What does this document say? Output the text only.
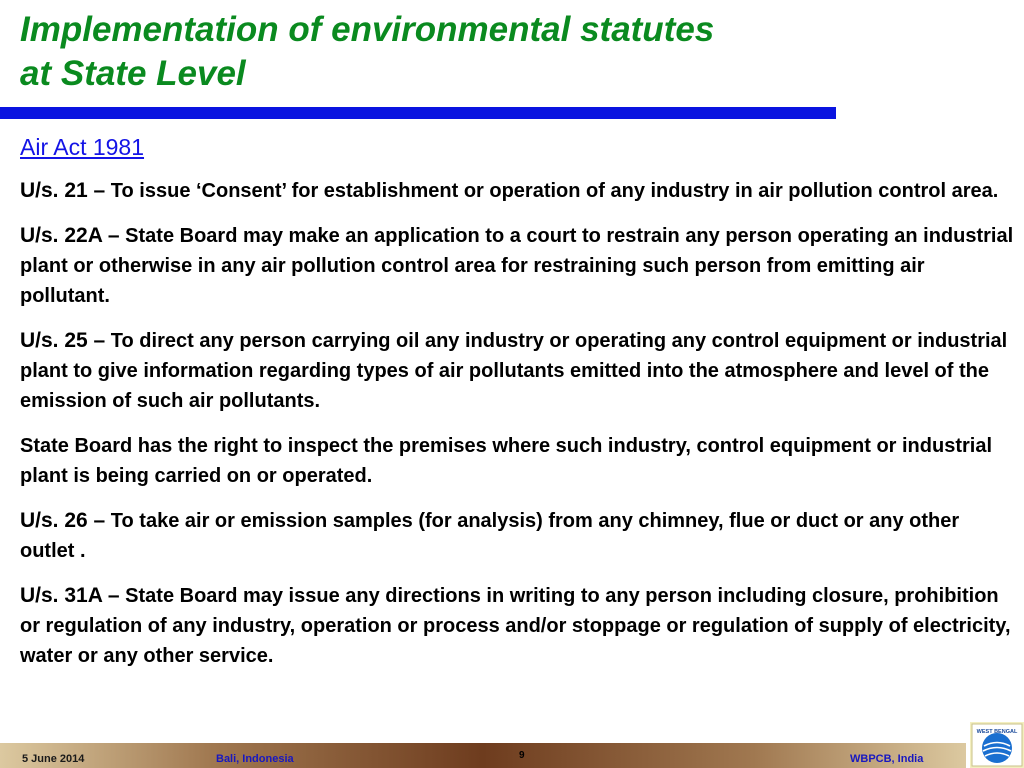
Implementation of environmental statutes
at State Level
Air Act 1981

U/s. 21 – To issue ‘Consent’ for establishment or operation of any industry in air pollution control area.

U/s. 22A – State Board may make an application to a court to restrain any person operating an industrial plant or otherwise in any air pollution control area for restraining such person from emitting air pollutant.

U/s. 25 – To direct any person carrying oil any industry or operating any control equipment or industrial plant to give information regarding types of air pollutants emitted into the atmosphere and level of the emission of such air pollutants.

State Board has the right to inspect the premises where such industry, control equipment or industrial plant is being carried on or operated.

U/s. 26 – To take air or emission samples (for analysis) from any chimney, flue or duct or any other outlet .

U/s. 31A – State Board may issue any directions in writing to any person including closure, prohibition or regulation of any industry, operation or process and/or stoppage or regulation of supply of electricity, water or any other service.

5 June 2014	Bali, Indonesia	9	WBPCB, India
WEST BENGAL
